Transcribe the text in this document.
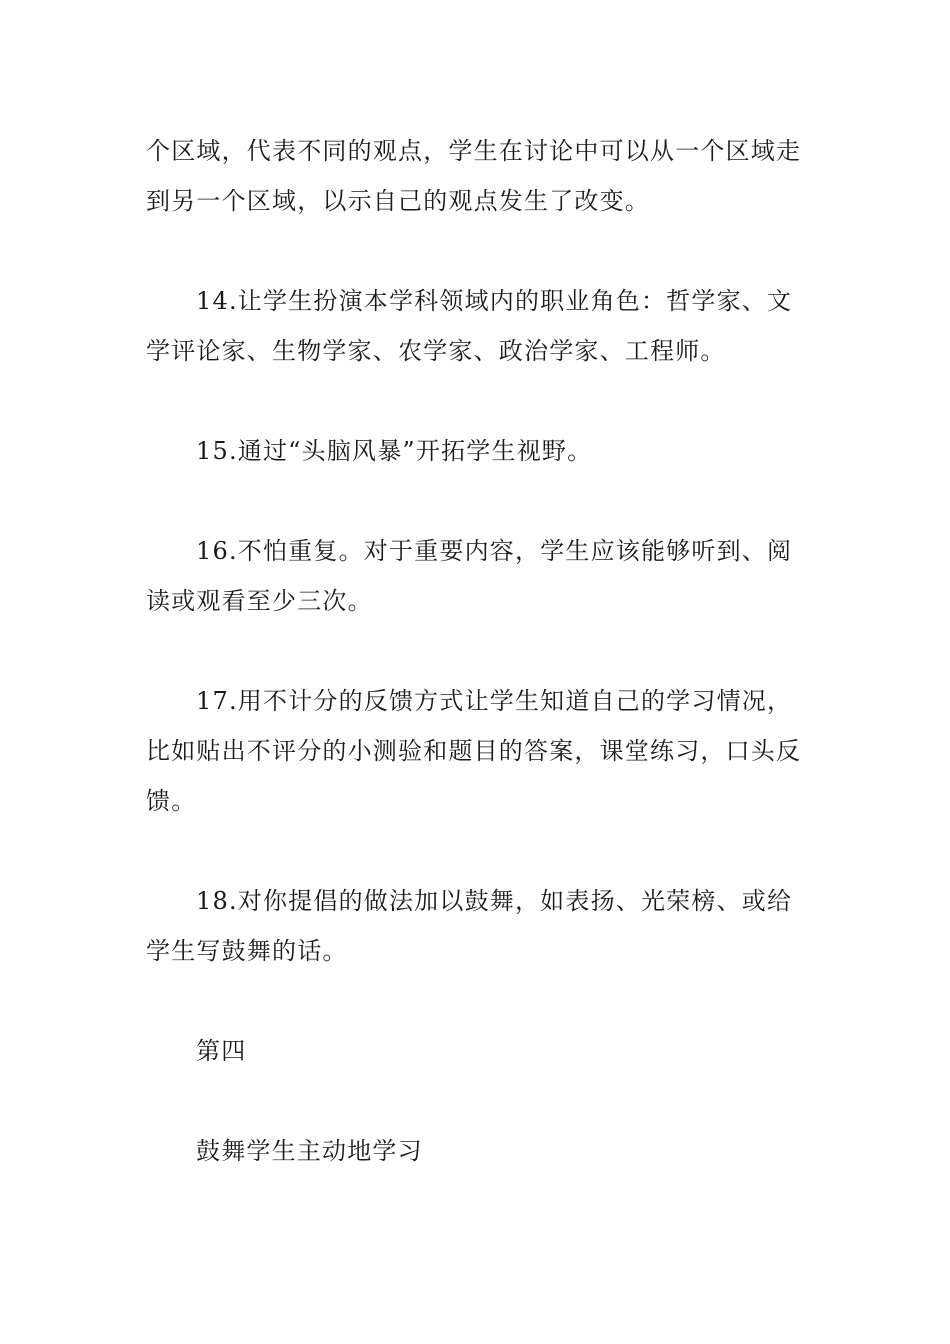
个区域，代表不同的观点，学生在讨论中可以从一个区域走到另一个区域，以示自己的观点发生了改变。

14.让学生扮演本学科领域内的职业角色：哲学家、文学评论家、生物学家、农学家、政治学家、工程师。

15.通过“头脑风暴”开拓学生视野。

16.不怕重复。对于重要内容，学生应该能够听到、阅读或观看至少三次。

17.用不计分的反馈方式让学生知道自己的学习情况，比如贴出不评分的小测验和题目的答案，课堂练习，口头反馈。

18.对你提倡的做法加以鼓舞，如表扬、光荣榜、或给学生写鼓舞的话。

第四

鼓舞学生主动地学习
